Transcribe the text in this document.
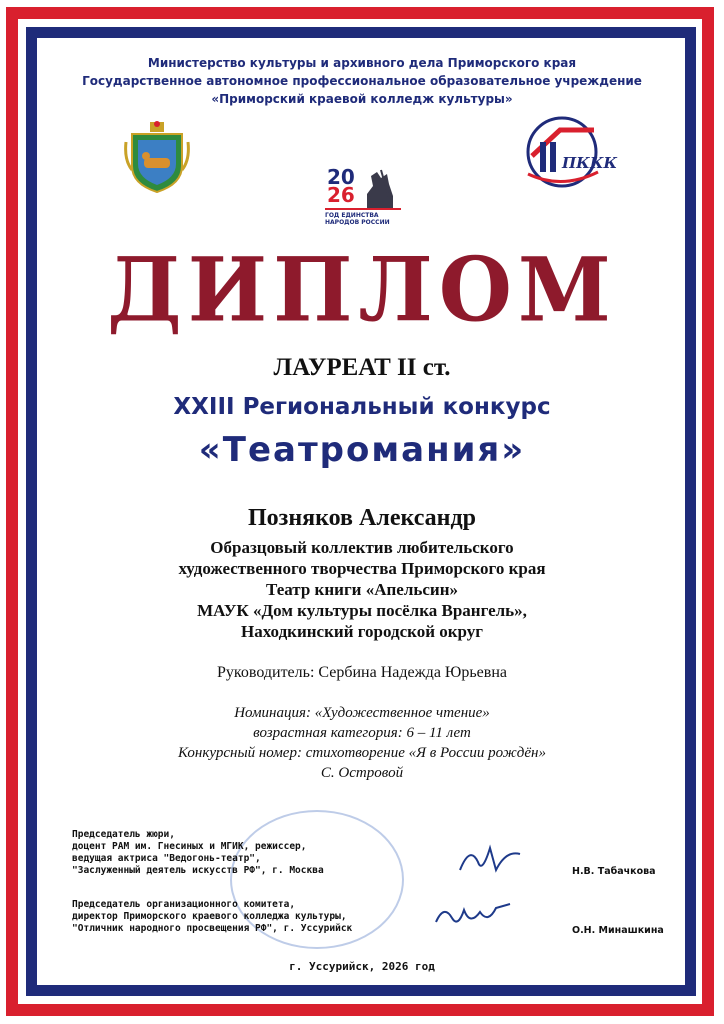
Министерство культуры и архивного дела Приморского края
Государственное автономное профессиональное образовательное учреждение
«Приморский краевой колледж культуры»
20
26
ГОД ЕДИНСТВА
НАРОДОВ РОССИИ
ПККК
ДИПЛОМ
ЛАУРЕАТ II ст.
XXIII Региональный конкурс
«Театромания»
Позняков Александр
Образцовый коллектив любительского
художественного творчества Приморского края
Театр книги «Апельсин»
МАУК «Дом культуры посёлка Врангель»,
Находкинский городской округ
Руководитель: Сербина Надежда Юрьевна
Номинация: «Художественное чтение»
возрастная категория: 6 – 11 лет
Конкурсный номер: стихотворение «Я в России рождён»
С. Островой
Председатель жюри,
доцент РАМ им. Гнесиных и МГИК, режиссер,
ведущая актриса "Ведогонь-театр",
"Заслуженный деятель искусств РФ", г. Москва	Н.В. Табачкова
Председатель организационного комитета,
директор Приморского краевого колледжа культуры,
"Отличник народного просвещения РФ", г. Уссурийск	О.Н. Минашкина
г. Уссурийск, 2026 год
